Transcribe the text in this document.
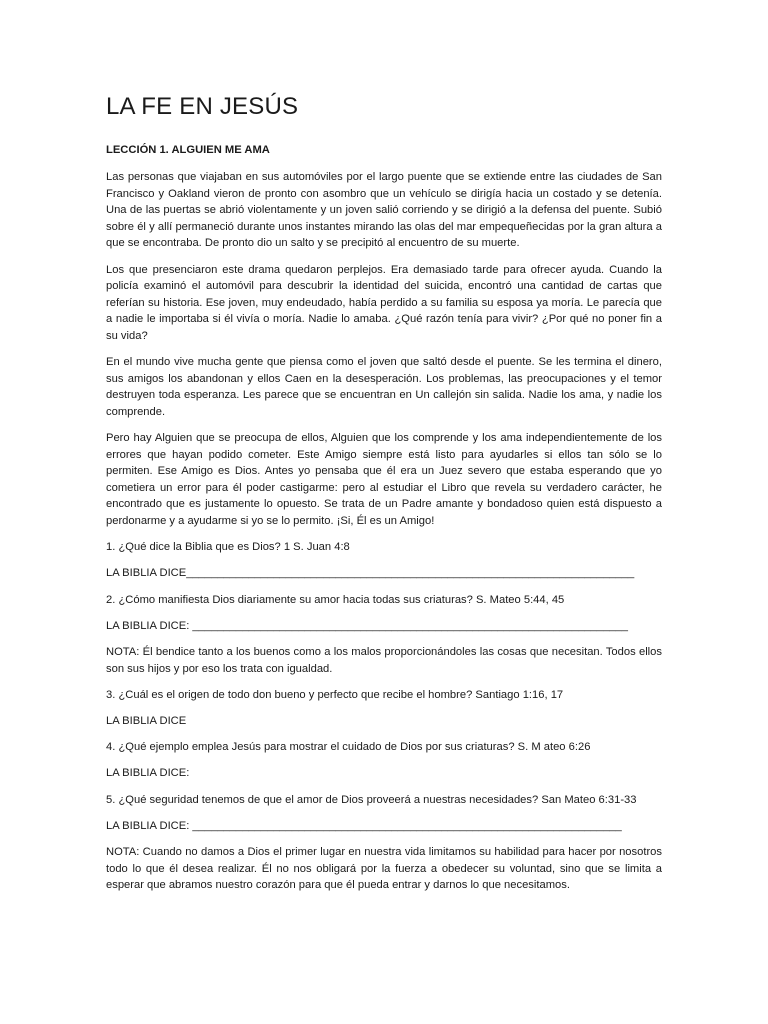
LA FE EN JESÚS
LECCIÓN 1. ALGUIEN ME AMA

Las personas que viajaban en sus automóviles por el largo puente que se extiende entre las ciudades de San Francisco y Oakland vieron de pronto con asombro que un vehículo se dirigía hacia un costado y se detenía. Una de las puertas se abrió violentamente y un joven salió corriendo y se dirigió a la defensa del puente. Subió sobre él y allí permaneció durante unos instantes mirando las olas del mar empequeñecidas por la gran altura a que se encontraba. De pronto dio un salto y se precipitó al encuentro de su muerte.

Los que presenciaron este drama quedaron perplejos. Era demasiado tarde para ofrecer ayuda. Cuando la policía examinó el automóvil para descubrir la identidad del suicida, encontró una cantidad de cartas que referían su historia. Ese joven, muy endeudado, había perdido a su familia su esposa ya moría. Le parecía que a nadie le importaba si él vivía o moría. Nadie lo amaba. ¿Qué razón tenía para vivir? ¿Por qué no poner fin a su vida?

En el mundo vive mucha gente que piensa como el joven que saltó desde el puente. Se les termina el dinero, sus amigos los abandonan y ellos Caen en la desesperación. Los problemas, las preocupaciones y el temor destruyen toda esperanza. Les parece que se encuentran en Un callejón sin salida. Nadie los ama, y nadie los comprende.

Pero hay Alguien que se preocupa de ellos, Alguien que los comprende y los ama independientemente de los errores que hayan podido cometer. Este Amigo siempre está listo para ayudarles si ellos tan sólo se lo permiten. Ese Amigo es Dios. Antes yo pensaba que él era un Juez severo que estaba esperando que yo cometiera un error para él poder castigarme: pero al estudiar el Libro que revela su verdadero carácter, he encontrado que es justamente lo opuesto. Se trata de un Padre amante y bondadoso quien está dispuesto a perdonarme y a ayudarme si yo se lo permito. ¡Si, Él es un Amigo!

1. ¿Qué dice la Biblia que es Dios? 1 S. Juan 4:8
LA BIBLIA DICE________________________________________________________________________
2. ¿Cómo manifiesta Dios diariamente su amor hacia todas sus criaturas? S. Mateo 5:44, 45
LA BIBLIA DICE: ______________________________________________________________________

NOTA: Él bendice tanto a los buenos como a los malos proporcionándoles las cosas que necesitan. Todos ellos son sus hijos y por eso los trata con igualdad.

3. ¿Cuál es el origen de todo don bueno y perfecto que recibe el hombre? Santiago 1:16, 17
LA BIBLIA DICE
4. ¿Qué ejemplo emplea Jesús para mostrar el cuidado de Dios por sus criaturas? S. M ateo 6:26
LA BIBLIA DICE:
5. ¿Qué seguridad tenemos de que el amor de Dios proveerá a nuestras necesidades? San Mateo 6:31-33
LA BIBLIA DICE: _____________________________________________________________________

NOTA: Cuando no damos a Dios el primer lugar en nuestra vida limitamos su habilidad para hacer por nosotros todo lo que él desea realizar. Él no nos obligará por la fuerza a obedecer su voluntad, sino que se limita a esperar que abramos nuestro corazón para que él pueda entrar y darnos lo que necesitamos.
